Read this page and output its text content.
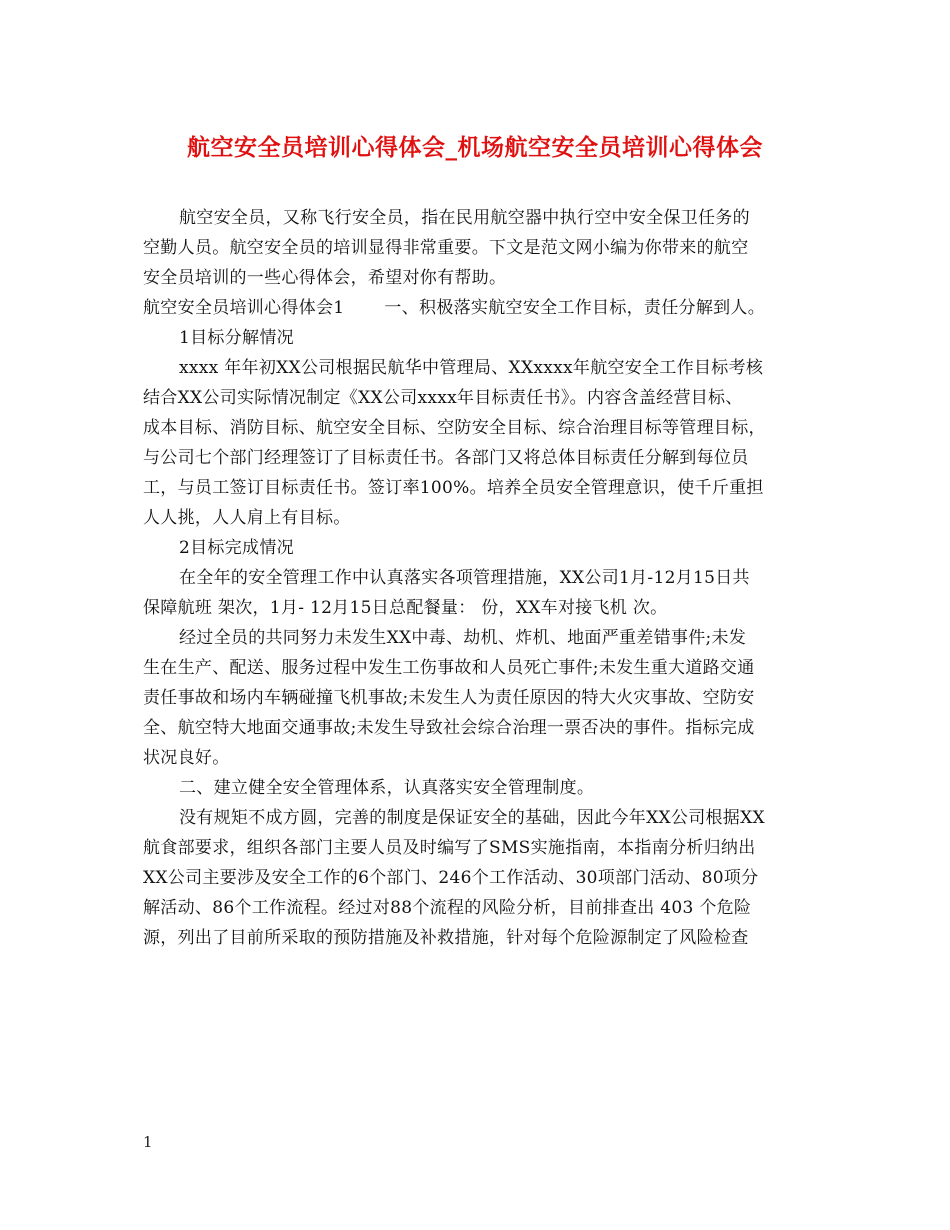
航空安全员培训心得体会_机场航空安全员培训心得体会
航空安全员，又称飞行安全员，指在民用航空器中执行空中安全保卫任务的
空勤人员。航空安全员的培训显得非常重要。下文是范文网小编为你带来的航空
安全员培训的一些心得体会，希望对你有帮助。
航空安全员培训心得体会1 一、积极落实航空安全工作目标，责任分解到人。
1目标分解情况
xxxx 年年初XX公司根据民航华中管理局、XXxxxx年航空安全工作目标考核
结合XX公司实际情况制定《XX公司xxxx年目标责任书》。内容含盖经营目标、
成本目标、消防目标、航空安全目标、空防安全目标、综合治理目标等管理目标，
与公司七个部门经理签订了目标责任书。各部门又将总体目标责任分解到每位员
工，与员工签订目标责任书。签订率100%。培养全员安全管理意识，使千斤重担
人人挑，人人肩上有目标。
2目标完成情况
在全年的安全管理工作中认真落实各项管理措施，XX公司1月-12月15日共
保障航班 架次，1月- 12月15日总配餐量： 份，XX车对接飞机 次。
经过全员的共同努力未发生XX中毒、劫机、炸机、地面严重差错事件;未发
生在生产、配送、服务过程中发生工伤事故和人员死亡事件;未发生重大道路交通
责任事故和场内车辆碰撞飞机事故;未发生人为责任原因的特大火灾事故、空防安
全、航空特大地面交通事故;未发生导致社会综合治理一票否决的事件。指标完成
状况良好。
二、建立健全安全管理体系，认真落实安全管理制度。
没有规矩不成方圆，完善的制度是保证安全的基础，因此今年XX公司根据XX
航食部要求，组织各部门主要人员及时编写了SMS实施指南，本指南分析归纳出
XX公司主要涉及安全工作的6个部门、246个工作活动、30项部门活动、80项分
解活动、86个工作流程。经过对88个流程的风险分析，目前排查出 403 个危险
源，列出了目前所采取的预防措施及补救措施，针对每个危险源制定了风险检查
1
